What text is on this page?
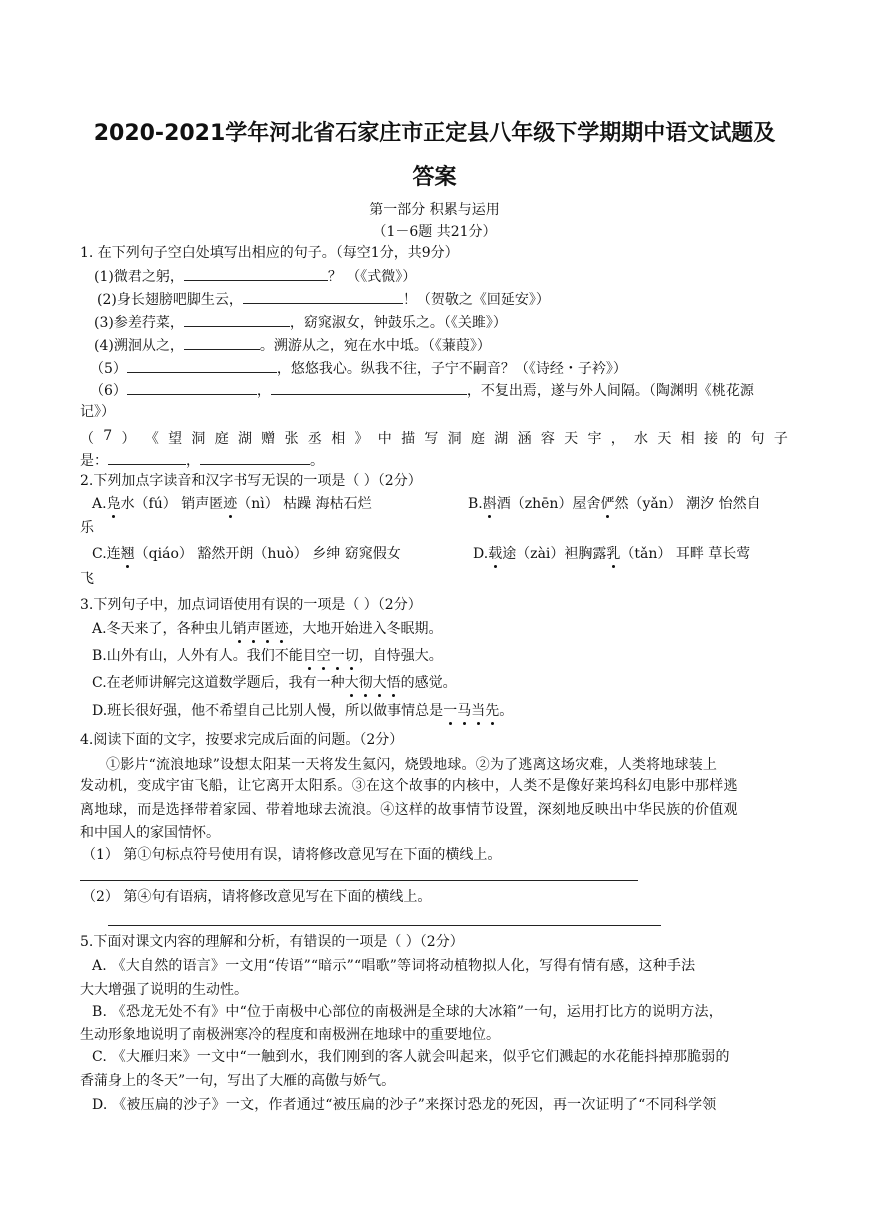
2020-2021学年河北省石家庄市正定县八年级下学期期中语文试题及
答案
第一部分 积累与运用
（1－6题 共21分）
1. 在下列句子空白处填写出相应的句子。（每空1分，共9分）
(1)微君之躬，	？ （《式微》）
(2)身长翅膀吧脚生云，	！（贺敬之《回延安》）
(3)参差荇菜，	，窈窕淑女，钟鼓乐之。（《关雎》）
(4)溯洄从之，	。溯游从之，宛在水中坻。（《蒹葭》）
（5）	，悠悠我心。纵我不往，子宁不嗣音？（《诗经・子衿》）
（6）	，	，不复出焉，遂与外人间隔。（陶渊明《桃花源
记》）
（ 7 ） 《 望 洞 庭 湖 赠 张 丞 相 》 中 描 写 洞 庭 湖 涵 容 天 宇 ， 水 天 相 接 的 句 子
是：	，	。
2.下列加点字读音和汉字书写无误的一项是（ ）（2分）
A.凫水（fú） 销声匿迹（nì） 枯躁 海枯石烂	B.斟酒（zhēn）屋舍俨然（yǎn） 潮汐 怡然自
乐
C.连翘（qiáo） 豁然开朗（huò） 乡绅 窈窕假女	D.载途（zài）袒胸露乳（tǎn） 耳畔 草长莺
飞
3.下列句子中，加点词语使用有误的一项是（ ）（2分）
A.冬天来了，各种虫儿销声匿迹，大地开始进入冬眠期。
B.山外有山，人外有人。我们不能目空一切，自恃强大。
C.在老师讲解完这道数学题后，我有一种大彻大悟的感觉。
D.班长很好强，他不希望自己比别人慢，所以做事情总是一马当先。
4.阅读下面的文字，按要求完成后面的问题。（2分）
①影片“流浪地球”设想太阳某一天将发生氦闪，烧毁地球。②为了逃离这场灾难，人类将地球装上
发动机，变成宇宙飞船，让它离开太阳系。③在这个故事的内核中，人类不是像好莱坞科幻电影中那样逃
离地球，而是选择带着家园、带着地球去流浪。④这样的故事情节设置，深刻地反映出中华民族的价值观
和中国人的家国情怀。
（1） 第①句标点符号使用有误，请将修改意见写在下面的横线上。
（2） 第④句有语病，请将修改意见写在下面的横线上。
5.下面对课文内容的理解和分析，有错误的一项是（ ）（2分）
A. 《大自然的语言》一文用“传语”“暗示”“唱歌”等词将动植物拟人化，写得有情有感，这种手法
大大增强了说明的生动性。
B. 《恐龙无处不有》中“位于南极中心部位的南极洲是全球的大冰箱”一句，运用打比方的说明方法，
生动形象地说明了南极洲寒冷的程度和南极洲在地球中的重要地位。
C. 《大雁归来》一文中“一触到水，我们刚到的客人就会叫起来，似乎它们溅起的水花能抖掉那脆弱的
香蒲身上的冬天”一句，写出了大雁的高傲与娇气。
D. 《被压扁的沙子》一文，作者通过“被压扁的沙子”来探讨恐龙的死因，再一次证明了“不同科学领
